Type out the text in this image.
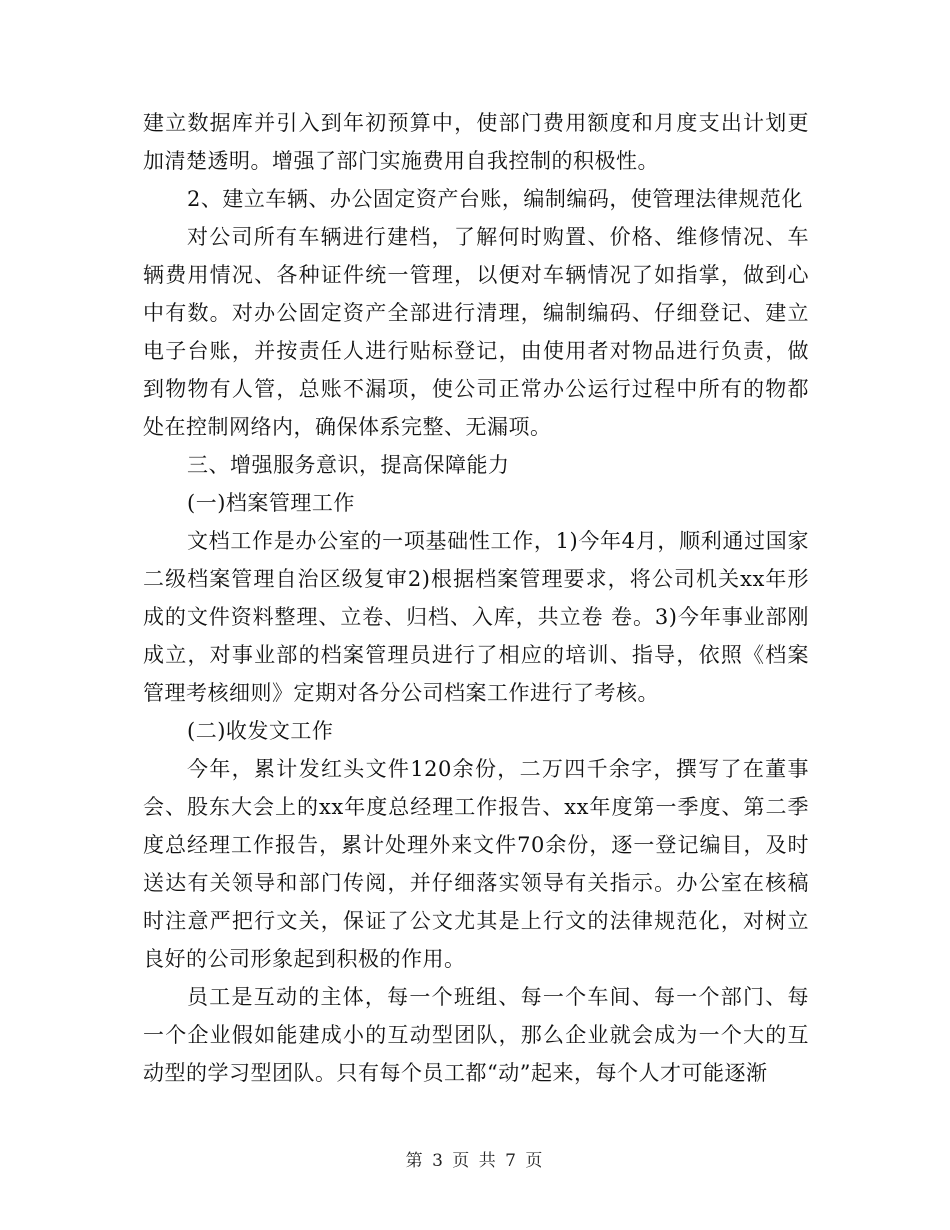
建立数据库并引入到年初预算中，使部门费用额度和月度支出计划更加清楚透明。增强了部门实施费用自我控制的积极性。

2、建立车辆、办公固定资产台账，编制编码，使管理法律规范化

对公司所有车辆进行建档，了解何时购置、价格、维修情况、车辆费用情况、各种证件统一管理，以便对车辆情况了如指掌，做到心中有数。对办公固定资产全部进行清理，编制编码、仔细登记、建立电子台账，并按责任人进行贴标登记，由使用者对物品进行负责，做到物物有人管，总账不漏项，使公司正常办公运行过程中所有的物都处在控制网络内，确保体系完整、无漏项。

三、增强服务意识，提高保障能力

(一)档案管理工作

文档工作是办公室的一项基础性工作，1)今年4月，顺利通过国家二级档案管理自治区级复审2)根据档案管理要求，将公司机关xx年形成的文件资料整理、立卷、归档、入库，共立卷 卷。3)今年事业部刚成立，对事业部的档案管理员进行了相应的培训、指导，依照《档案管理考核细则》定期对各分公司档案工作进行了考核。

(二)收发文工作

今年，累计发红头文件120余份，二万四千余字，撰写了在董事会、股东大会上的xx年度总经理工作报告、xx年度第一季度、第二季度总经理工作报告，累计处理外来文件70余份，逐一登记编目，及时送达有关领导和部门传阅，并仔细落实领导有关指示。办公室在核稿时注意严把行文关，保证了公文尤其是上行文的法律规范化，对树立良好的公司形象起到积极的作用。

员工是互动的主体，每一个班组、每一个车间、每一个部门、每一个企业假如能建成小的互动型团队，那么企业就会成为一个大的互动型的学习型团队。只有每个员工都“动”起来，每个人才可能逐渐

第 3 页 共 7 页
